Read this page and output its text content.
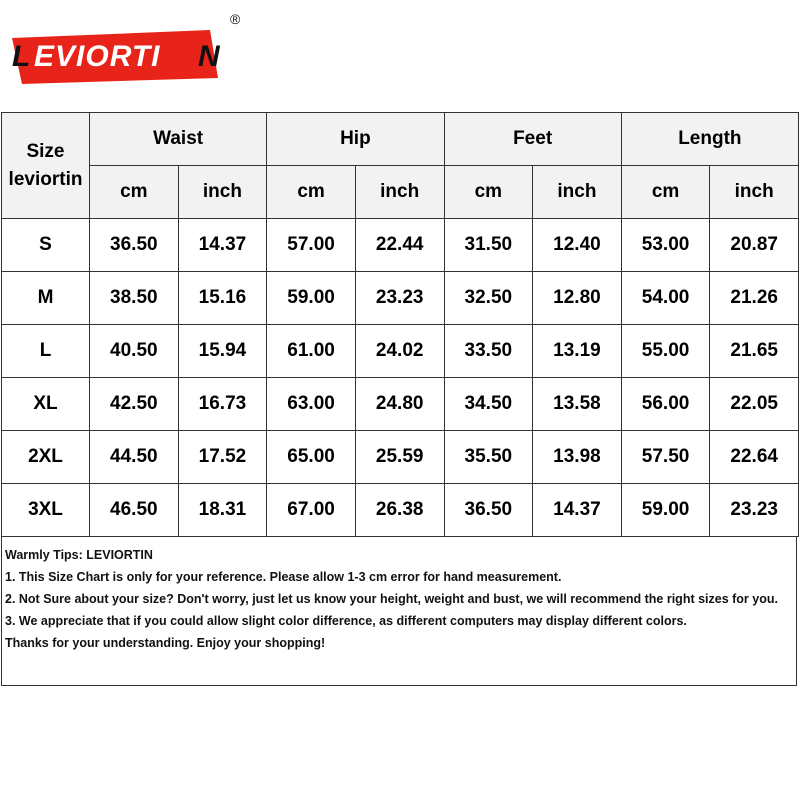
L EVIORTI N
®
Size
leviortin	Waist		Hip		Feet		Length	
	cm	inch	cm	inch	cm	inch	cm	inch
S	36.50	14.37	57.00	22.44	31.50	12.40	53.00	20.87
M	38.50	15.16	59.00	23.23	32.50	12.80	54.00	21.26
L	40.50	15.94	61.00	24.02	33.50	13.19	55.00	21.65
XL	42.50	16.73	63.00	24.80	34.50	13.58	56.00	22.05
2XL	44.50	17.52	65.00	25.59	35.50	13.98	57.50	22.64
3XL	46.50	18.31	67.00	26.38	36.50	14.37	59.00	23.23
Warmly Tips: LEVIORTIN
1. This Size Chart is only for your reference. Please allow 1-3 cm error for hand measurement.
2. Not Sure about your size? Don't worry, just let us know your height, weight and bust, we will recommend the right sizes for you.
3. We appreciate that if you could allow slight color difference, as different computers may display different colors.
Thanks for your understanding. Enjoy your shopping!
